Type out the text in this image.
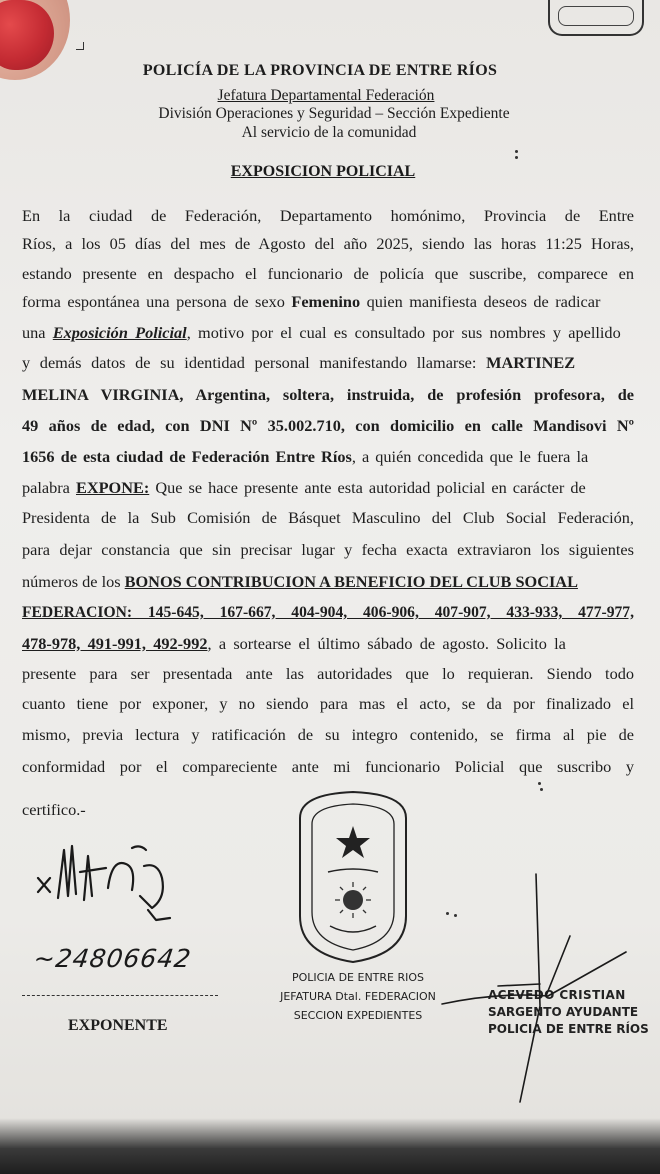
POLICÍA DE LA PROVINCIA DE ENTRE RÍOS
Jefatura Departamental Federación
División Operaciones y Seguridad – Sección Expediente
Al servicio de la comunidad
EXPOSICION POLICIAL
En la ciudad de Federación, Departamento homónimo, Provincia de Entre
Ríos, a los 05 días del mes de Agosto del año 2025, siendo las horas 11:25 Horas,
estando presente en despacho el funcionario de policía que suscribe, comparece en
forma espontánea una persona de sexo Femenino quien manifiesta deseos de radicar
una Exposición Policial, motivo por el cual es consultado por sus nombres y apellido
y demás datos de su identidad personal manifestando llamarse: MARTINEZ
MELINA VIRGINIA, Argentina, soltera, instruida, de profesión profesora, de
49 años de edad, con DNI Nº 35.002.710, con domicilio en calle Mandisovi Nº
1656 de esta ciudad de Federación Entre Ríos, a quién concedida que le fuera la
palabra EXPONE: Que se hace presente ante esta autoridad policial en carácter de
Presidenta de la Sub Comisión de Básquet Masculino del Club Social Federación,
para dejar constancia que sin precisar lugar y fecha exacta extraviaron los siguientes
números de los BONOS CONTRIBUCION A BENEFICIO DEL CLUB SOCIAL
FEDERACION: 145-645, 167-667, 404-904, 406-906, 407-907, 433-933, 477-977,
478-978, 491-991, 492-992, a sortearse el último sábado de agosto. Solicito la
presente para ser presentada ante las autoridades que lo requieran. Siendo todo
cuanto tiene por exponer, y no siendo para mas el acto, se da por finalizado el
mismo, previa lectura y ratificación de su integro contenido, se firma al pie de
conformidad por el compareciente ante mi funcionario Policial que suscribo y
certifico.-
~24806642
EXPONENTE
POLICIA DE ENTRE RIOS
JEFATURA Dtal. FEDERACION
SECCION EXPEDIENTES
ACEVEDO CRISTIAN
SARGENTO AYUDANTE
POLICIA DE ENTRE RÍOS
